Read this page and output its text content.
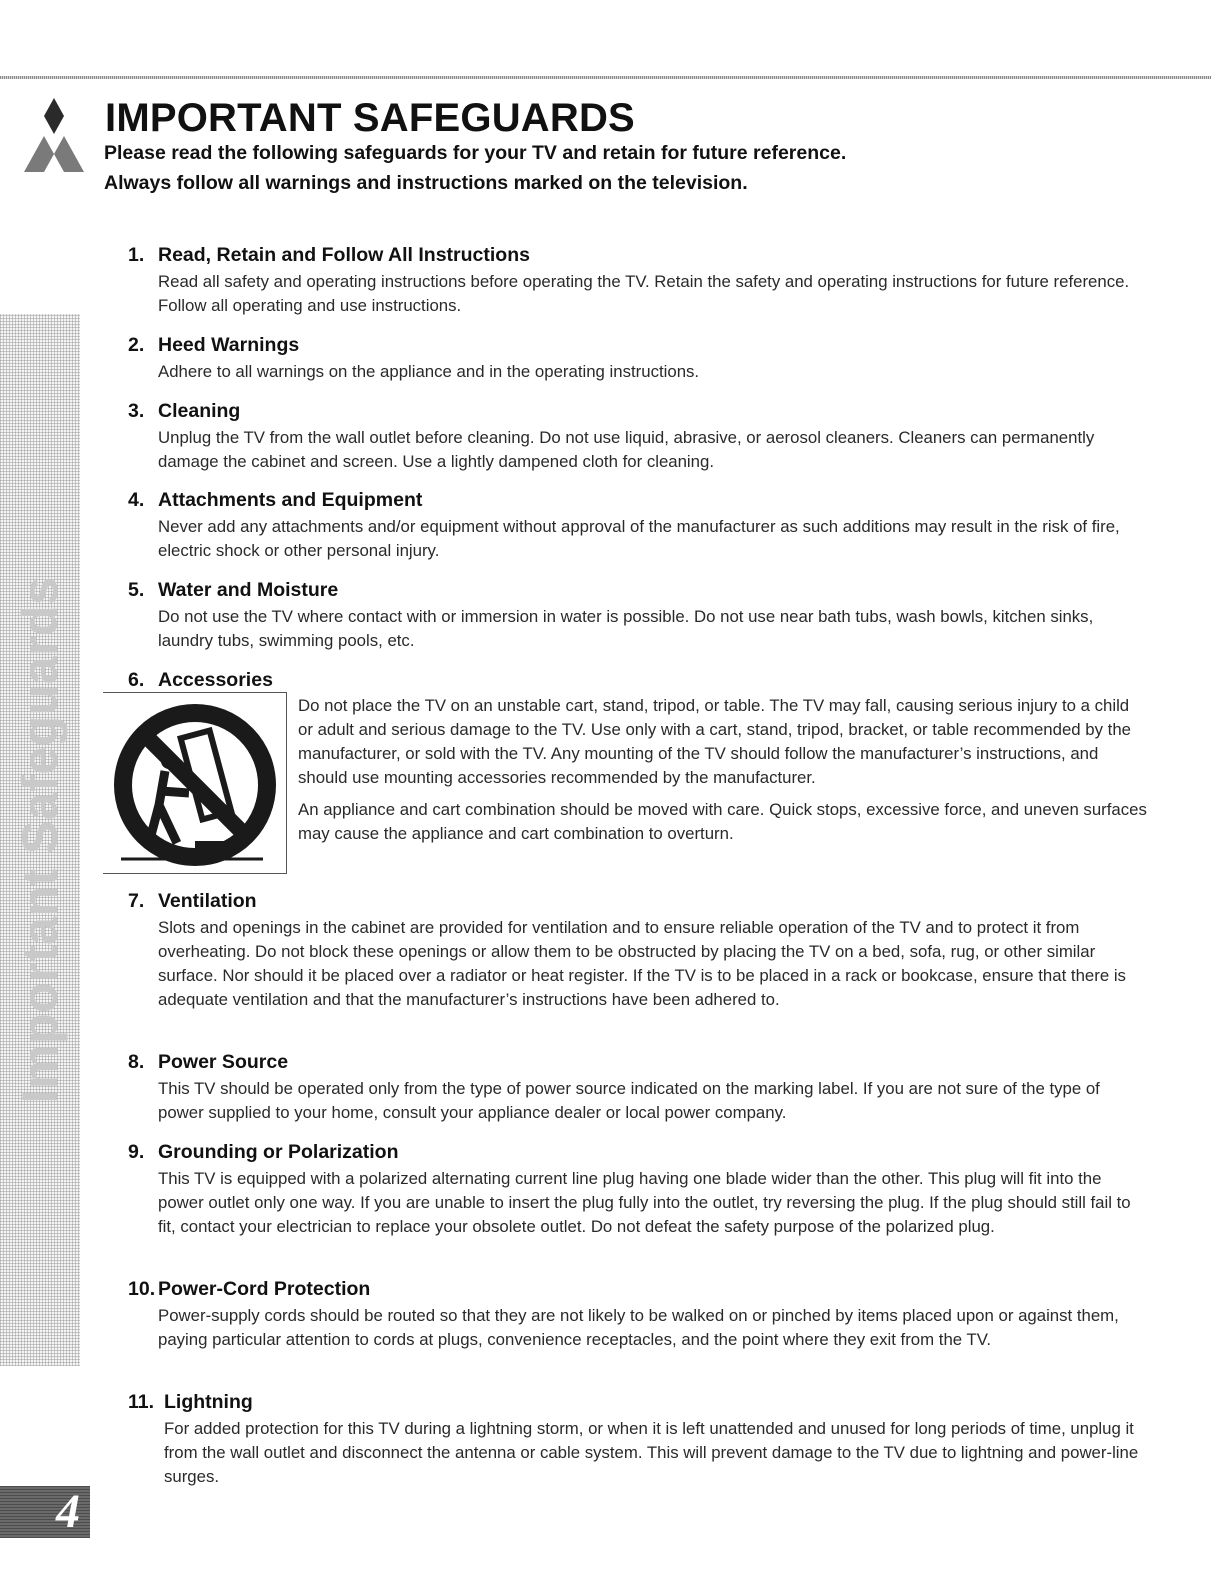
IMPORTANT SAFEGUARDS

Please read the following safeguards for your TV and retain for future reference.

Always follow all warnings and instructions marked on the television.

Important Safeguards
4
1. Read, Retain and Follow All Instructions

Read all safety and operating instructions before operating the TV. Retain the safety and operating instructions for future reference. Follow all operating and use instructions.

2. Heed Warnings

Adhere to all warnings on the appliance and in the operating instructions.

3. Cleaning

Unplug the TV from the wall outlet before cleaning. Do not use liquid, abrasive, or aerosol cleaners. Cleaners can permanently damage the cabinet and screen. Use a lightly dampened cloth for cleaning.

4. Attachments and Equipment

Never add any attachments and/or equipment without approval of the manufacturer as such additions may result in the risk of fire, electric shock or other personal injury.

5. Water and Moisture

Do not use the TV where contact with or immersion in water is possible. Do not use near bath tubs, wash bowls, kitchen sinks, laundry tubs, swimming pools, etc.

6. Accessories

Do not place the TV on an unstable cart, stand, tripod, or table. The TV may fall, causing serious injury to a child or adult and serious damage to the TV. Use only with a cart, stand, tripod, bracket, or table recommended by the manufacturer, or sold with the TV. Any mounting of the TV should follow the manufacturer’s instructions, and should use mounting accessories recommended by the manufacturer.

An appliance and cart combination should be moved with care. Quick stops, excessive force, and uneven surfaces may cause the appliance and cart combination to overturn.

7. Ventilation

Slots and openings in the cabinet are provided for ventilation and to ensure reliable operation of the TV and to protect it from overheating. Do not block these openings or allow them to be obstructed by placing the TV on a bed, sofa, rug, or other similar surface. Nor should it be placed over a radiator or heat register. If the TV is to be placed in a rack or bookcase, ensure that there is adequate ventilation and that the manufacturer’s instructions have been adhered to.

8. Power Source

This TV should be operated only from the type of power source indicated on the marking label. If you are not sure of the type of power supplied to your home, consult your appliance dealer or local power company.

9. Grounding or Polarization

This TV is equipped with a polarized alternating current line plug having one blade wider than the other. This plug will fit into the power outlet only one way. If you are unable to insert the plug fully into the outlet, try reversing the plug. If the plug should still fail to fit, contact your electrician to replace your obsolete outlet. Do not defeat the safety purpose of the polarized plug.

10. Power-Cord Protection

Power-supply cords should be routed so that they are not likely to be walked on or pinched by items placed upon or against them, paying particular attention to cords at plugs, convenience receptacles, and the point where they exit from the TV.

11. Lightning

For added protection for this TV during a lightning storm, or when it is left unattended and unused for long periods of time, unplug it from the wall outlet and disconnect the antenna or cable system. This will prevent damage to the TV due to lightning and power-line surges.
